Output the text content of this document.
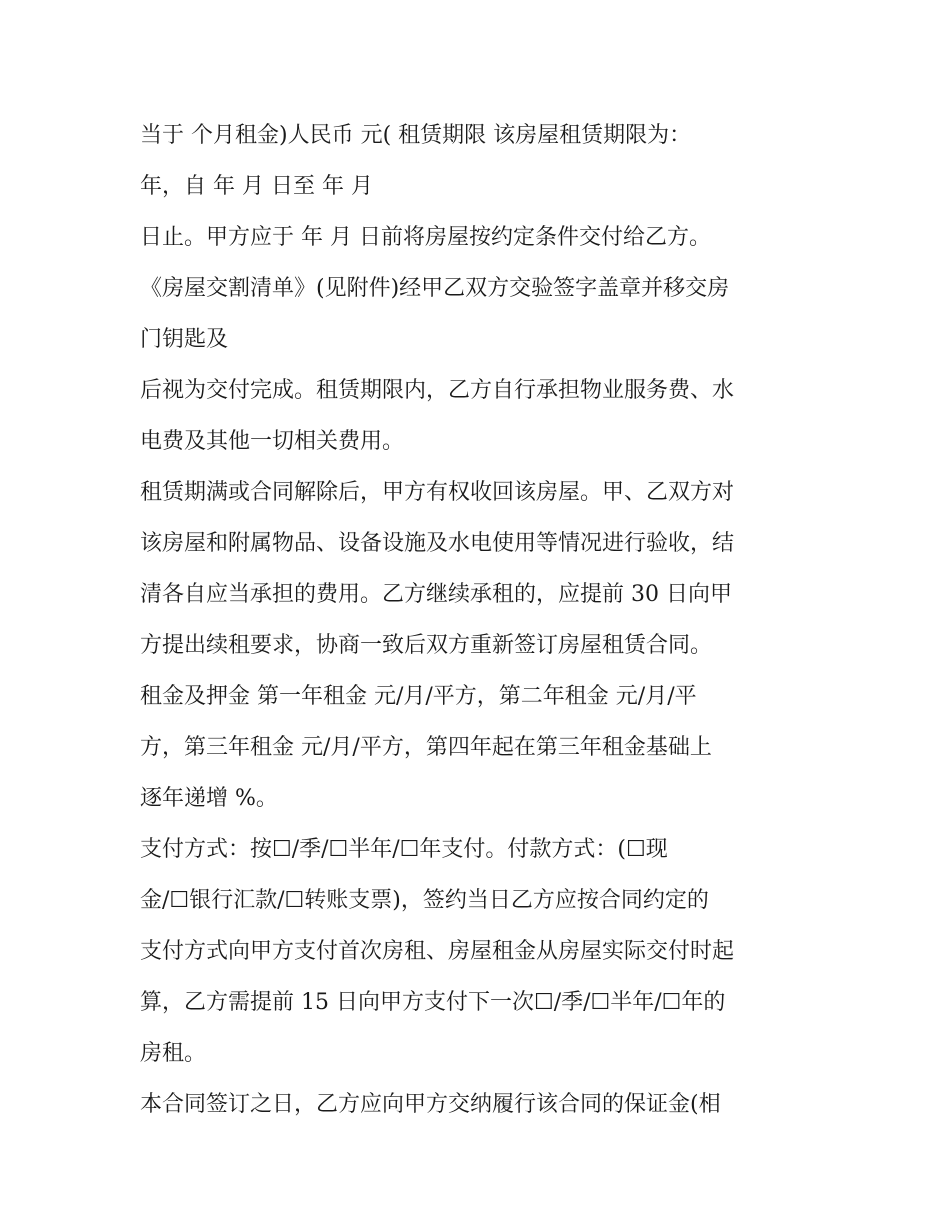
当于 个月租金)人民币 元( 租赁期限 该房屋租赁期限为：
年，自 年 月 日至 年 月
日止。甲方应于 年 月 日前将房屋按约定条件交付给乙方。
《房屋交割清单》(见附件)经甲乙双方交验签字盖章并移交房
门钥匙及
后视为交付完成。租赁期限内，乙方自行承担物业服务费、水
电费及其他一切相关费用。
租赁期满或合同解除后，甲方有权收回该房屋。甲、乙双方对
该房屋和附属物品、设备设施及水电使用等情况进行验收，结
清各自应当承担的费用。乙方继续承租的，应提前 30 日向甲
方提出续租要求，协商一致后双方重新签订房屋租赁合同。
租金及押金 第一年租金 元/月/平方，第二年租金 元/月/平
方，第三年租金 元/月/平方，第四年起在第三年租金基础上
逐年递增 %。
支付方式：按☐/季/☐半年/☐年支付。付款方式：(☐现
金/☐银行汇款/☐转账支票)，签约当日乙方应按合同约定的
支付方式向甲方支付首次房租、房屋租金从房屋实际交付时起
算，乙方需提前 15 日向甲方支付下一次☐/季/☐半年/☐年的
房租。
本合同签订之日，乙方应向甲方交纳履行该合同的保证金(相
